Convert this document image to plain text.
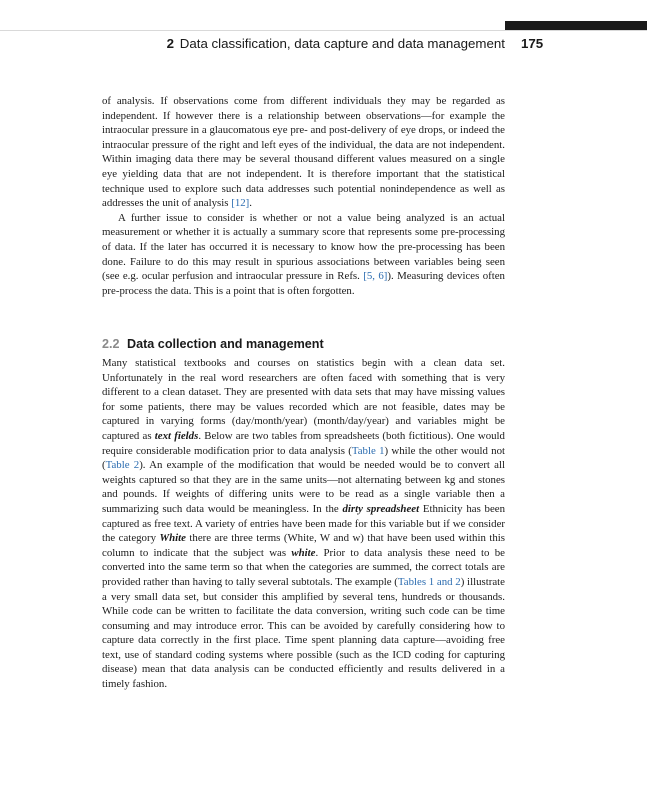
2 Data classification, data capture and data management 175

of analysis. If observations come from different individuals they may be regarded as independent. If however there is a relationship between observations—for example the intraocular pressure in a glaucomatous eye pre- and post-delivery of eye drops, or indeed the intraocular pressure of the right and left eyes of the individual, the data are not independent. Within imaging data there may be several thousand different values measured on a single eye yielding data that are not independent. It is therefore important that the statistical technique used to explore such data addresses such potential nonindependence as well as addresses the unit of analysis [12].

A further issue to consider is whether or not a value being analyzed is an actual measurement or whether it is actually a summary score that represents some pre-processing of data. If the later has occurred it is necessary to know how the pre-processing has been done. Failure to do this may result in spurious associations between variables being seen (see e.g. ocular perfusion and intraocular pressure in Refs. [5, 6]). Measuring devices often pre-process the data. This is a point that is often forgotten.

2.2 Data collection and management

Many statistical textbooks and courses on statistics begin with a clean data set. Unfortunately in the real word researchers are often faced with something that is very different to a clean dataset. They are presented with data sets that may have missing values for some patients, there may be values recorded which are not feasible, dates may be captured in varying forms (day/month/year) (month/day/year) and variables might be captured as text fields. Below are two tables from spreadsheets (both fictitious). One would require considerable modification prior to data analysis (Table 1) while the other would not (Table 2). An example of the modification that would be needed would be to convert all weights captured so that they are in the same units—not alternating between kg and stones and pounds. If weights of differing units were to be read as a single variable then a summarizing such data would be meaningless. In the dirty spreadsheet Ethnicity has been captured as free text. A variety of entries have been made for this variable but if we consider the category White there are three terms (White, W and w) that have been used within this column to indicate that the subject was white. Prior to data analysis these need to be converted into the same term so that when the categories are summed, the correct totals are provided rather than having to tally several subtotals. The example (Tables 1 and 2) illustrate a very small data set, but consider this amplified by several tens, hundreds or thousands. While code can be written to facilitate the data conversion, writing such code can be time consuming and may introduce error. This can be avoided by carefully considering how to capture data correctly in the first place. Time spent planning data capture—avoiding free text, use of standard coding systems where possible (such as the ICD coding for capturing disease) mean that data analysis can be conducted efficiently and results delivered in a timely fashion.
